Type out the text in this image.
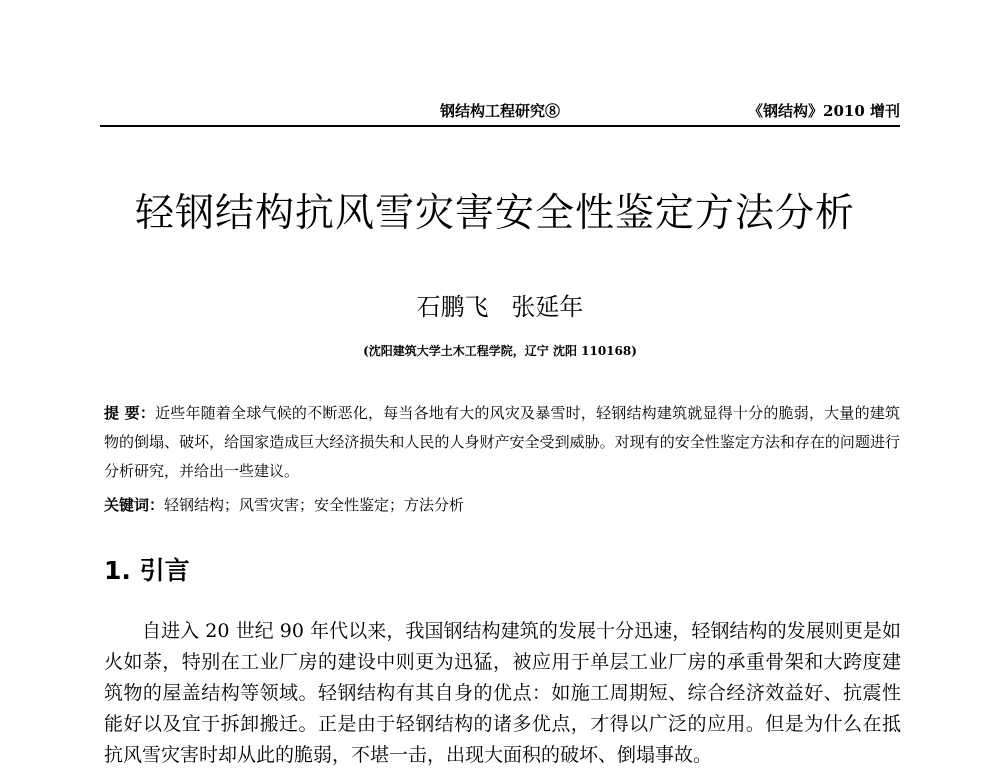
钢结构工程研究⑧	《钢结构》2010 增刊
轻钢结构抗风雪灾害安全性鉴定方法分析
石鹏飞   张延年
(沈阳建筑大学土木工程学院，辽宁 沈阳 110168)
提 要：近些年随着全球气候的不断恶化，每当各地有大的风灾及暴雪时，轻钢结构建筑就显得十分的脆弱，大量的建筑物的倒塌、破坏，给国家造成巨大经济损失和人民的人身财产安全受到威胁。对现有的安全性鉴定方法和存在的问题进行分析研究，并给出一些建议。
关键词：轻钢结构；风雪灾害；安全性鉴定；方法分析
1. 引言
自进入 20 世纪 90 年代以来，我国钢结构建筑的发展十分迅速，轻钢结构的发展则更是如火如荼，特别在工业厂房的建设中则更为迅猛，被应用于单层工业厂房的承重骨架和大跨度建筑物的屋盖结构等领域。轻钢结构有其自身的优点：如施工周期短、综合经济效益好、抗震性能好以及宜于拆卸搬迁。正是由于轻钢结构的诸多优点，才得以广泛的应用。但是为什么在抵抗风雪灾害时却从此的脆弱，不堪一击，出现大面积的破坏、倒塌事故。
